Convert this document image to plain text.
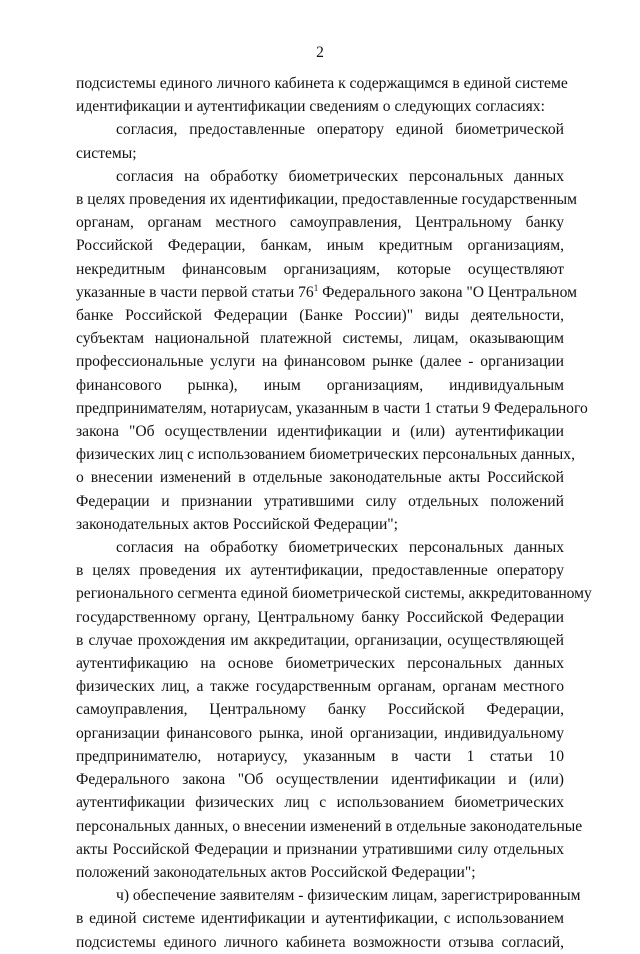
2
подсистемы единого личного кабинета к содержащимся в единой системе
идентификации и аутентификации сведениям о следующих согласиях:
согласия, предоставленные оператору единой биометрической
системы;
согласия на обработку биометрических персональных данных
в целях проведения их идентификации, предоставленные государственным
органам, органам местного самоуправления, Центральному банку
Российской Федерации, банкам, иным кредитным организациям,
некредитным финансовым организациям, которые осуществляют
указанные в части первой статьи $76^1$ Федерального закона "О Центральном
банке Российской Федерации (Банке России)" виды деятельности,
субъектам национальной платежной системы, лицам, оказывающим
профессиональные услуги на финансовом рынке (далее - организации
финансового рынка), иным организациям, индивидуальным
предпринимателям, нотариусам, указанным в части 1 статьи 9 Федерального
закона "Об осуществлении идентификации и (или) аутентификации
физических лиц с использованием биометрических персональных данных,
о внесении изменений в отдельные законодательные акты Российской
Федерации и признании утратившими силу отдельных положений
законодательных актов Российской Федерации";
согласия на обработку биометрических персональных данных
в целях проведения их аутентификации, предоставленные оператору
регионального сегмента единой биометрической системы, аккредитованному
государственному органу, Центральному банку Российской Федерации
в случае прохождения им аккредитации, организации, осуществляющей
аутентификацию на основе биометрических персональных данных
физических лиц, а также государственным органам, органам местного
самоуправления, Центральному банку Российской Федерации,
организации финансового рынка, иной организации, индивидуальному
предпринимателю, нотариусу, указанным в части 1 статьи 10
Федерального закона "Об осуществлении идентификации и (или)
аутентификации физических лиц с использованием биометрических
персональных данных, о внесении изменений в отдельные законодательные
акты Российской Федерации и признании утратившими силу отдельных
положений законодательных актов Российской Федерации";
ч) обеспечение заявителям - физическим лицам, зарегистрированным
в единой системе идентификации и аутентификации, с использованием
подсистемы единого личного кабинета возможности отзыва согласий,
